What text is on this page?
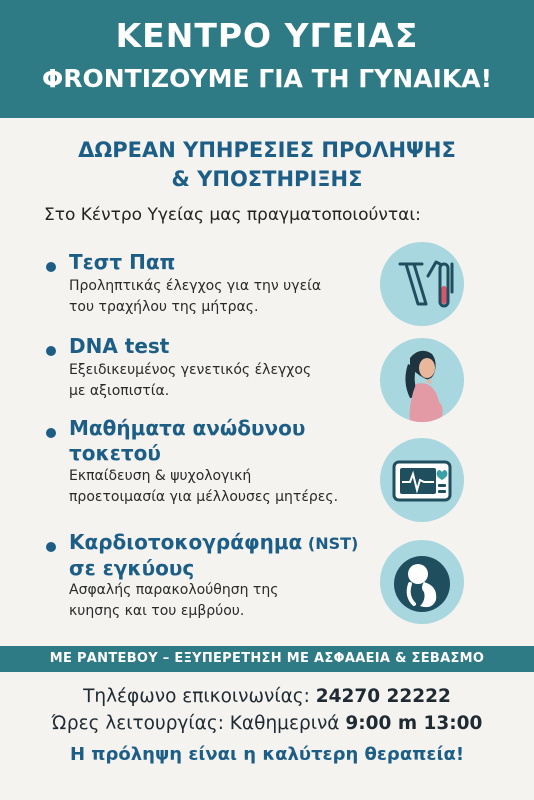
ΚΕΝΤΡΟ ΥΓΕΙΑΣ
ΦRONTIZOYME ΓΙΑ ΤΗ ΓΥΝΑΙΚΑ!
ΔΩΡΕΑΝ ΥΠΗΡΕΣΙΕΣ ΠΡΟΛΗΨΗΣ
& ΥΠΟΣΤΗΡΙΞΗΣ
Στο Κέντρο Υγείας μας πραγματοποιούνται:
Τεστ Παπ
Προληπτικάς έλεγχος για την υγεία
του τραχήλου της μήτρας.
DNA test
Εξειδικευμένος γενετικός έλεγχος
με αξιοπιστία.
Μαθήματα ανώδυνου
τοκετού
Εκπαίδευση & ψυχολογική
προετοιμασία για μέλλουσες μητέρες.
Καρδιοτοκογράφημα (NST)
σε εγκύους
Ασφαλής παρακολούθηση της
κυησης και του εμβρύου.
ΜΕ ΡΑΝΤΕΒΟΥ – ΕΞΥΠΕΡΕΤΗΣΗ ΜΕ ΑΣΦΑΑΕΙΑ & ΣΕΒΑΣΜΟ
Τηλέφωνο επικοινωνίας: 24270 22222
Ώρες λειτουργίας: Καθημερινά 9:00 m 13:00
Η πρόληψη είναι η καλύτερη θεραπεία!
